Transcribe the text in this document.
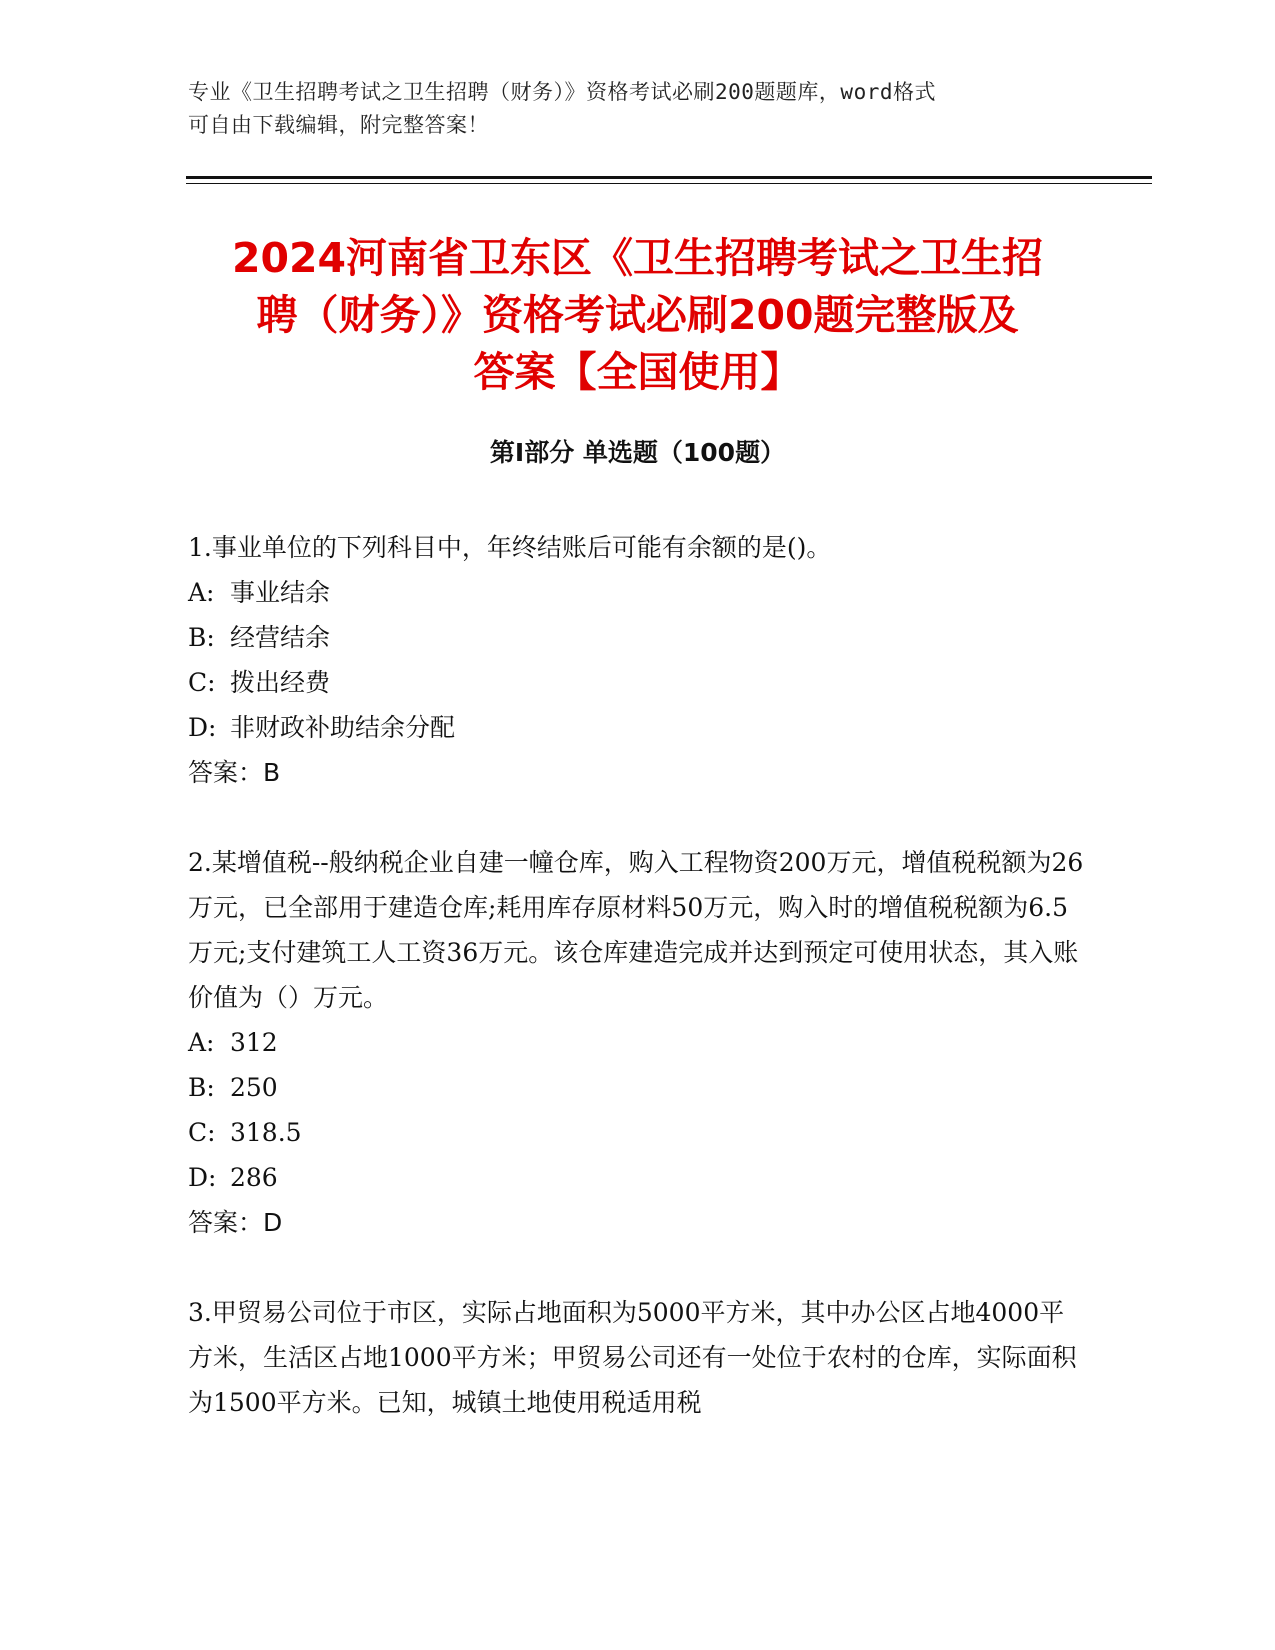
专业《卫生招聘考试之卫生招聘（财务）》资格考试必刷200题题库，word格式
可自由下载编辑，附完整答案！
2024河南省卫东区《卫生招聘考试之卫生招
聘（财务）》资格考试必刷200题完整版及
答案【全国使用】
第Ⅰ部分 单选题（100题）

1.事业单位的下列科目中，年终结账后可能有余额的是()。

A: 事业结余
B: 经营结余
C: 拨出经费
D: 非财政补助结余分配
答案：B

2.某增值税--般纳税企业自建一幢仓库，购入工程物资200万元，增值税税额为26万元，已全部用于建造仓库;耗用库存原材料50万元，购入时的增值税税额为6.5万元;支付建筑工人工资36万元。该仓库建造完成并达到预定可使用状态，其入账价值为（）万元。

A: 312
B: 250
C: 318.5
D: 286
答案：D

3.甲贸易公司位于市区，实际占地面积为5000平方米，其中办公区占地4000平方米，生活区占地1000平方米；甲贸易公司还有一处位于农村的仓库，实际面积为1500平方米。已知，城镇土地使用税适用税
